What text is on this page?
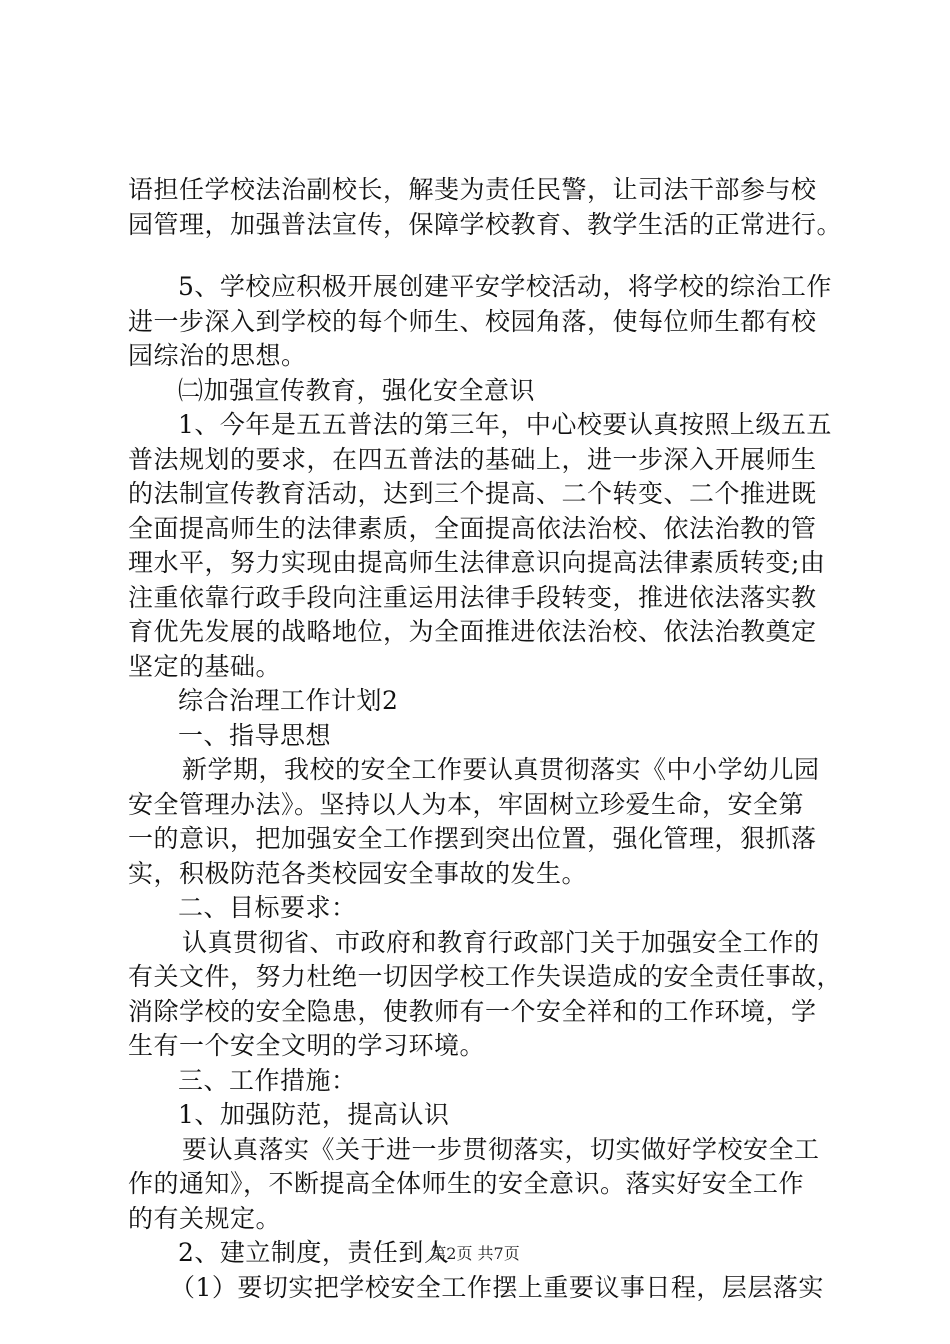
语担任学校法治副校长，解斐为责任民警，让司法干部参与校
园管理，加强普法宣传，保障学校教育、教学生活的正常进行。
5、学校应积极开展创建平安学校活动，将学校的综治工作
进一步深入到学校的每个师生、校园角落，使每位师生都有校
园综治的思想。
㈡加强宣传教育，强化安全意识
1、今年是五五普法的第三年，中心校要认真按照上级五五
普法规划的要求，在四五普法的基础上，进一步深入开展师生
的法制宣传教育活动，达到三个提高、二个转变、二个推进既
全面提高师生的法律素质，全面提高依法治校、依法治教的管
理水平，努力实现由提高师生法律意识向提高法律素质转变;由
注重依靠行政手段向注重运用法律手段转变，推进依法落实教
育优先发展的战略地位，为全面推进依法治校、依法治教奠定
坚定的基础。
综合治理工作计划2
一、指导思想
新学期，我校的安全工作要认真贯彻落实《中小学幼儿园
安全管理办法》。坚持以人为本，牢固树立珍爱生命，安全第
一的意识，把加强安全工作摆到突出位置，强化管理，狠抓落
实，积极防范各类校园安全事故的发生。
二、目标要求：
认真贯彻省、市政府和教育行政部门关于加强安全工作的
有关文件，努力杜绝一切因学校工作失误造成的安全责任事故，
消除学校的安全隐患，使教师有一个安全祥和的工作环境，学
生有一个安全文明的学习环境。
三、工作措施：
1、加强防范，提高认识
要认真落实《关于进一步贯彻落实，切实做好学校安全工
作的通知》，不断提高全体师生的安全意识。落实好安全工作
的有关规定。
2、建立制度，责任到人
（1）要切实把学校安全工作摆上重要议事日程，层层落实
第2页 共7页
